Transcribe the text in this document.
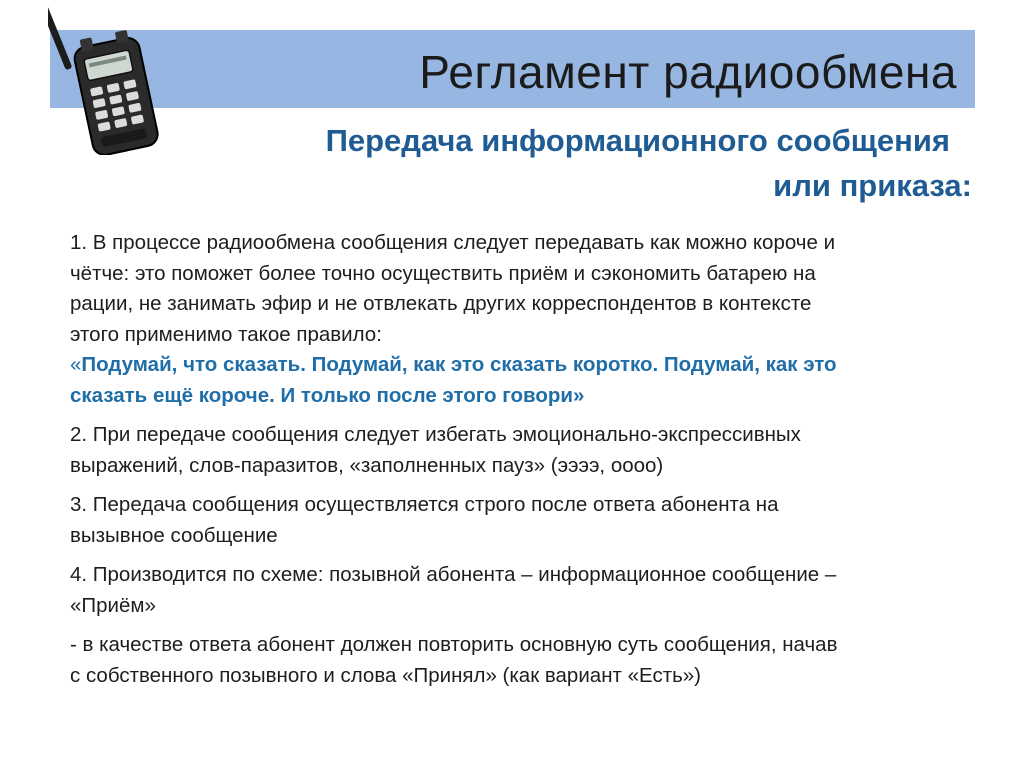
Регламент радиообмена
Передача информационного сообщения
или приказа:
1. В процессе радиообмена сообщения следует передавать как можно короче и
чётче: это поможет более точно осуществить приём и сэкономить батарею на
рации, не занимать эфир и не отвлекать других корреспондентов в контексте
этого применимо такое правило:
«Подумай, что сказать. Подумай, как это сказать коротко. Подумай, как это
сказать ещё короче. И только после этого говори»
2. При передаче сообщения следует избегать эмоционально-экспрессивных
выражений, слов-паразитов, «заполненных пауз» (ээээ, оооо)
3. Передача сообщения осуществляется строго после ответа абонента на
вызывное сообщение
4. Производится по схеме: позывной абонента – информационное сообщение –
«Приём»
- в качестве ответа абонент должен повторить основную суть сообщения, начав
с собственного позывного и слова «Принял» (как вариант «Есть»)
